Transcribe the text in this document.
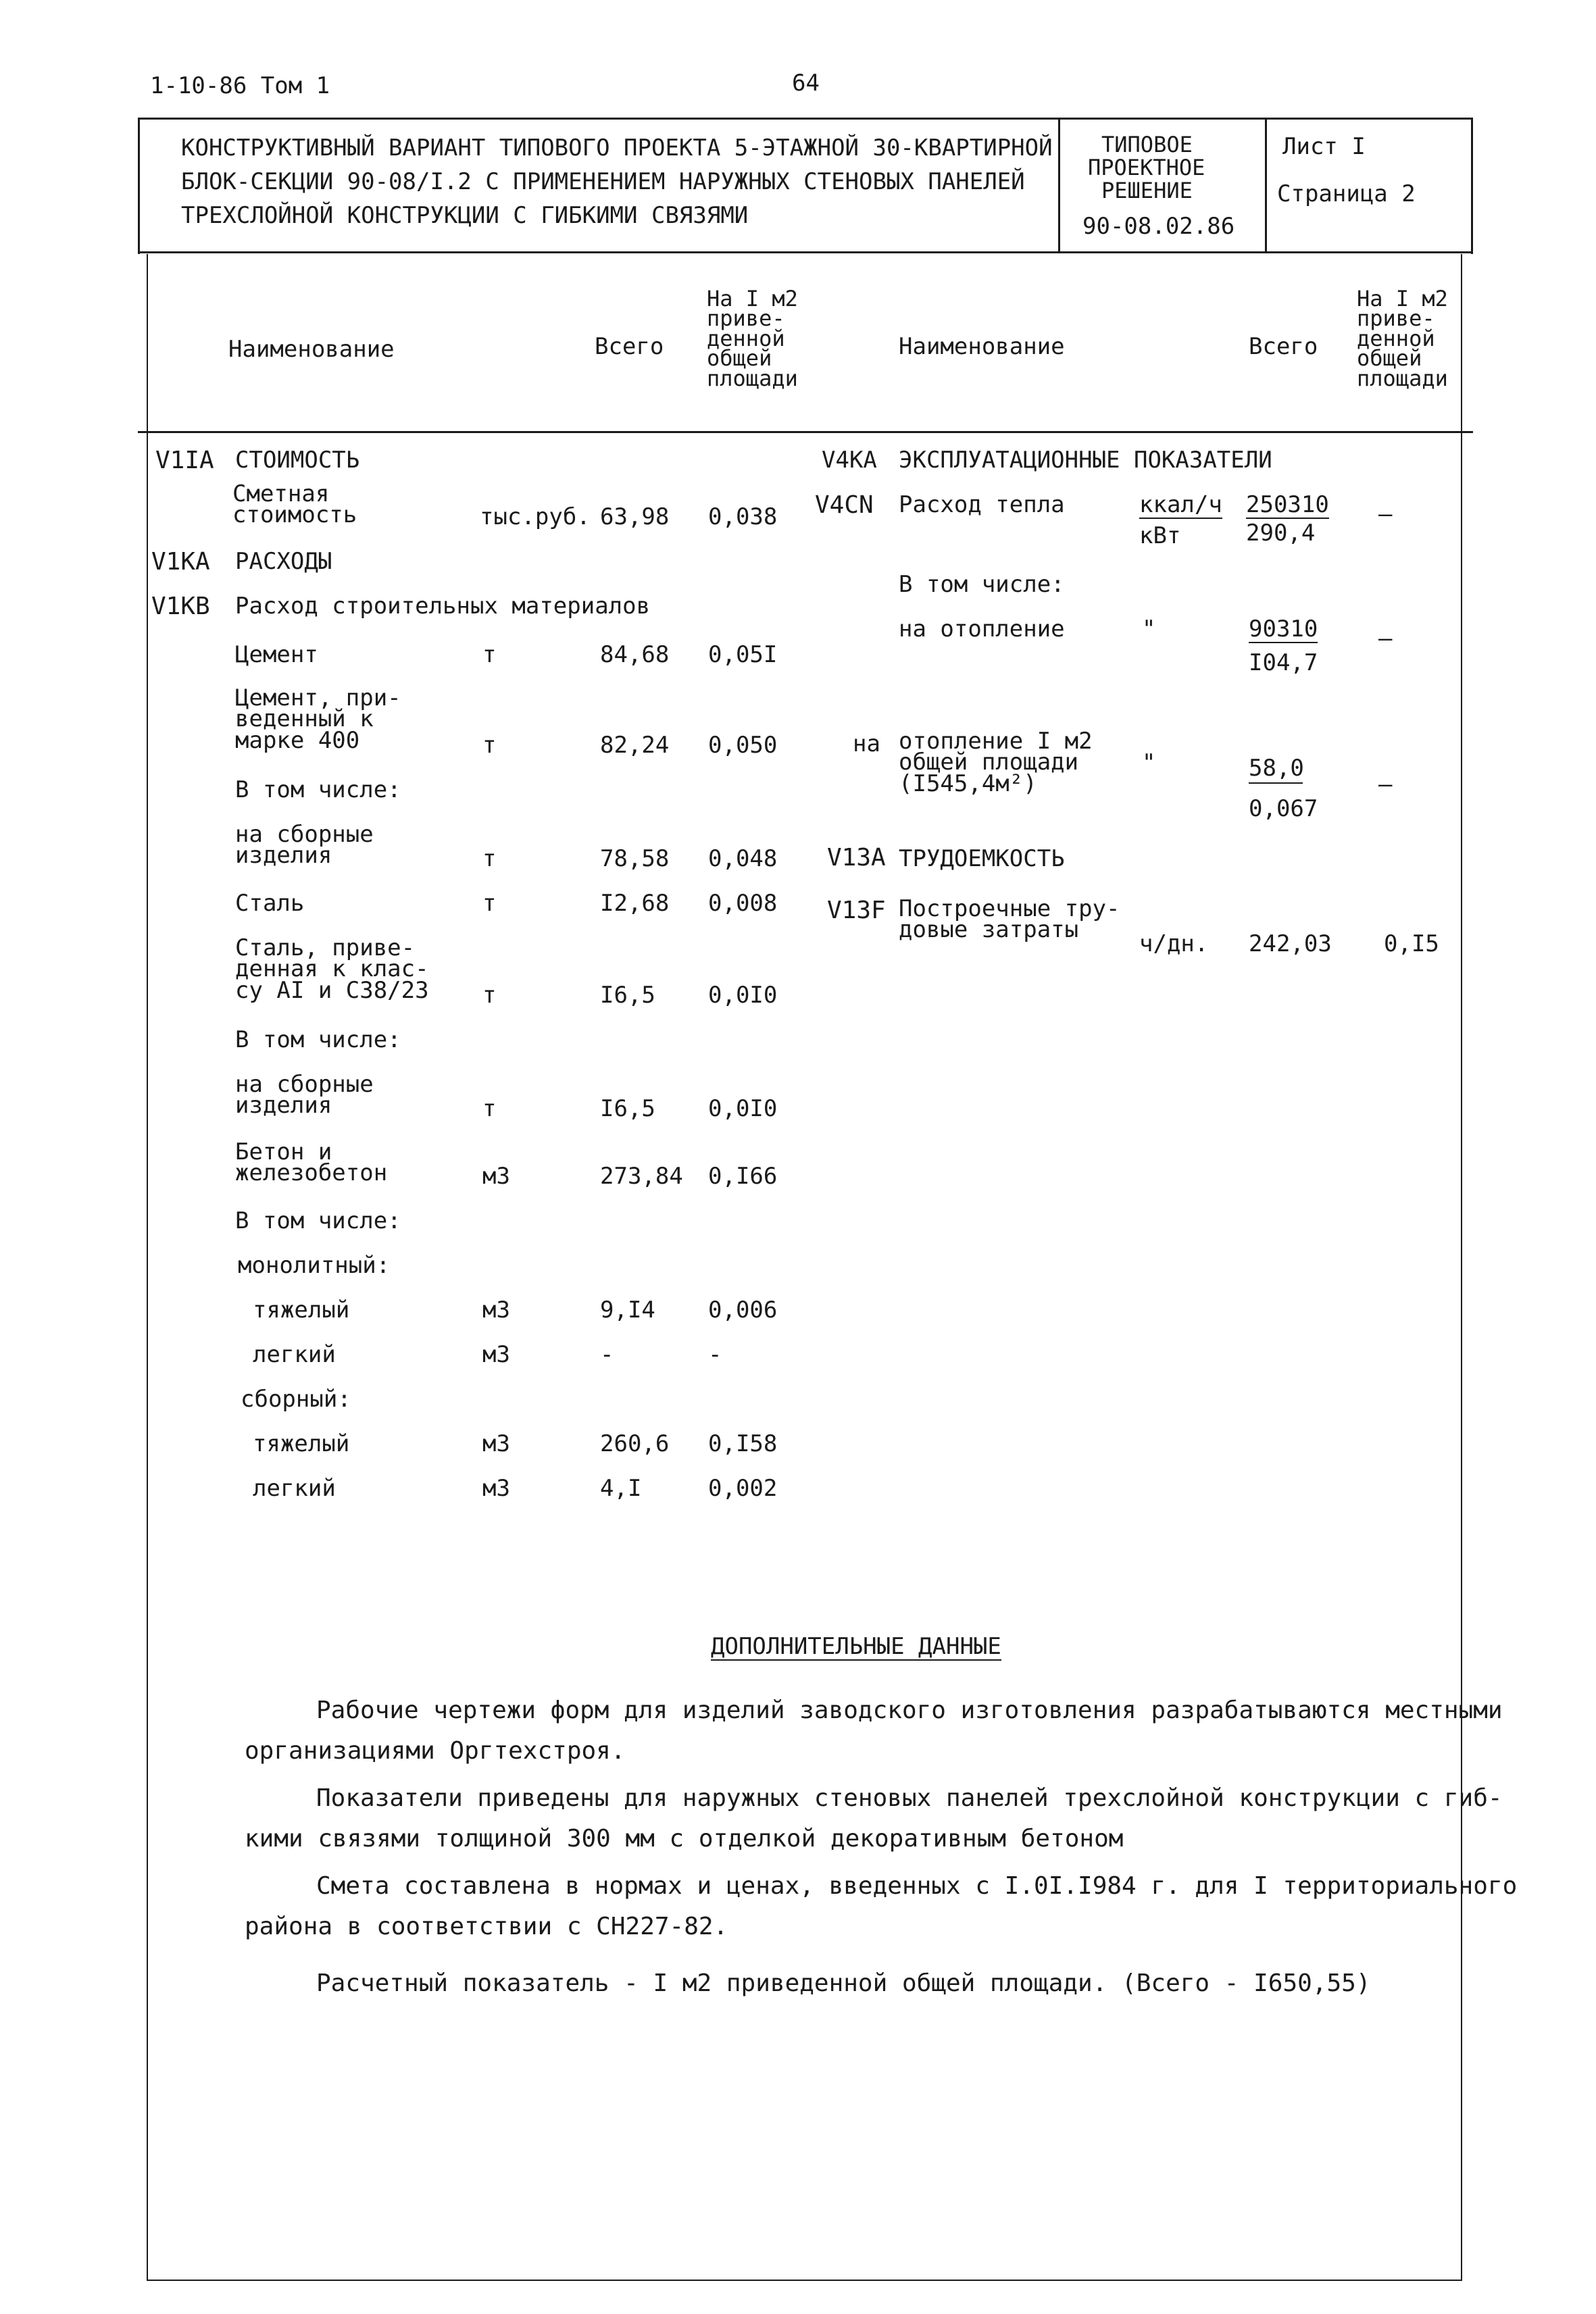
1-10-86 Том 1	64
КОНСТРУКТИВНЫЙ ВАРИАНТ ТИПОВОГО ПРОЕКТА 5-ЭТАЖНОЙ 30-КВАРТИРНОЙ
БЛОК-СЕКЦИИ 90-08/I.2 С ПРИМЕНЕНИЕМ НАРУЖНЫХ СТЕНОВЫХ ПАНЕЛЕЙ
ТРЕХСЛОЙНОЙ КОНСТРУКЦИИ С ГИБКИМИ СВЯЗЯМИ
ТИПОВОЕ
ПРОЕКТНОЕ
РЕШЕНИЕ
90-08.02.86
Лист I
Страница 2
Наименование	Всего
На I м2
приве-
денной
общей
площади
Наименование	Всего
На I м2
приве-
денной
общей
площади
V1IA СТОИМОСТЬ
Сметная
стоимость	тыс.руб. 63,98 0,038
V1КА РАСХОДЫ
V1КВ Расход строительных материалов
Цемент	т	84,68 0,05I
Цемент, при-
веденный к
марке 400	т	82,24 0,050
В том числе:
на сборные
изделия	т	78,58 0,048
Сталь	т	I2,68 0,008
Сталь, приве-
денная к клас-
су AI и С38/23 т	I6,5 0,0I0
В том числе:
на сборные
изделия	т	I6,5 0,0I0
Бетон и
железобетон	м3	273,84 0,I66
В том числе:
монолитный:
тяжелый	м3	9,I4 0,006
легкий	м3	-	-
сборный:
тяжелый	м3	260,6 0,I58
легкий	м3	4,I	0,002
V4КА ЭКСПЛУАТАЦИОННЫЕ ПОКАЗАТЕЛИ
V4СN Расход тепла	ккал/ч
кВт
250310
290,4
—
В том числе:
на отопление	"	90310
I04,7
—
на отопление I м2
общей площади
(I545,4м²)
"	58,0
0,067
—
V13А ТРУДОЕМКОСТЬ
V13F Построечные тру-
довые затраты
ч/дн. 242,03 0,I5
ДОПОЛНИТЕЛЬНЫЕ ДАННЫЕ
Рабочие чертежи форм для изделий заводского изготовления разрабатываются местными
организациями Оргтехстроя.
Показатели приведены для наружных стеновых панелей трехслойной конструкции с гиб-
кими связями толщиной 300 мм с отделкой декоративным бетоном
Смета составлена в нормах и ценах, введенных с I.0I.I984 г. для I территориального
района в соответствии с СН227-82.
Расчетный показатель - I м2 приведенной общей площади. (Всего - I650,55)
